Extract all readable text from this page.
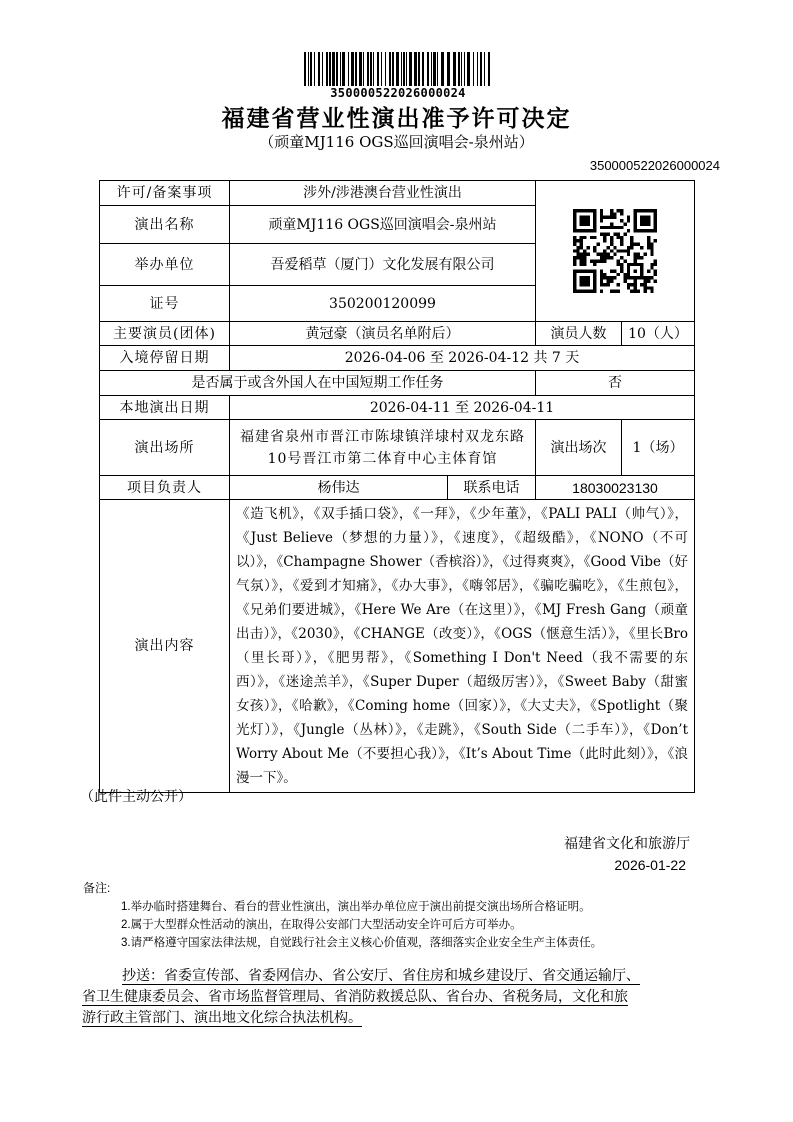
350000522026000024
福建省营业性演出准予许可决定
（顽童MJ116 OGS巡回演唱会-泉州站）
350000522026000024
许可/备案事项	涉外/涉港澳台营业性演出	

演出名称	顽童MJ116 OGS巡回演唱会-泉州站			
举办单位	吾爱稻草（厦门）文化发展有限公司			
证号	350200120099			
主要演员(团体)	黄冠豪（演员名单附后）		演员人数	10（人）
入境停留日期	2026-04-06 至 2026-04-12 共 7 天			
是否属于或含外国人在中国短期工作任务			否	
本地演出日期	2026-04-11 至 2026-04-11			
演出场所	福建省泉州市晋江市陈埭镇洋埭村双龙东路10号晋江市第二体育中心主体育馆		演出场次	1（场）
项目负责人	杨伟达	联系电话	18030023130	
演出内容	《造飞机》，《双手插口袋》，《一拜》，《少年董》，《PALI PALI（帅气）》，《Just Believe（梦想的力量）》，《速度》，《超级酷》，《NONO（不可以）》，《Champagne Shower（香槟浴）》，《过得爽爽》，《Good Vibe（好气氛）》，《爱到才知痛》，《办大事》，《嗨邻居》，《骗吃骗吃》，《生煎包》，《兄弟们要进城》，《Here We Are（在这里）》，《MJ Fresh Gang（顽童出击）》，《2030》，《CHANGE（改变）》，《OGS（惬意生活）》，《里长Bro（里长哥）》，《肥男帮》，《Something I Don't Need（我不需要的东西）》，《迷途羔羊》，《Super Duper（超级厉害）》，《Sweet Baby（甜蜜女孩）》，《哈歉》，《Coming home（回家）》，《大丈夫》，《Spotlight（聚光灯）》，《Jungle（丛林）》，《走跳》，《South Side（二手车）》，《Don’t Worry About Me（不要担心我）》，《It’s About Time（此时此刻）》，《浪漫一下》。			
（此件主动公开）
福建省文化和旅游厅
2026-01-22
备注:
1.举办临时搭建舞台、看台的营业性演出，演出举办单位应于演出前提交演出场所合格证明。
2.属于大型群众性活动的演出，在取得公安部门大型活动安全许可后方可举办。
3.请严格遵守国家法律法规，自觉践行社会主义核心价值观，落细落实企业安全生产主体责任。
抄送：省委宣传部、省委网信办、省公安厅、省住房和城乡建设厅、省交通运输厅、
省卫生健康委员会、省市场监督管理局、省消防救援总队、省台办、省税务局，文化和旅
游行政主管部门、演出地文化综合执法机构。
